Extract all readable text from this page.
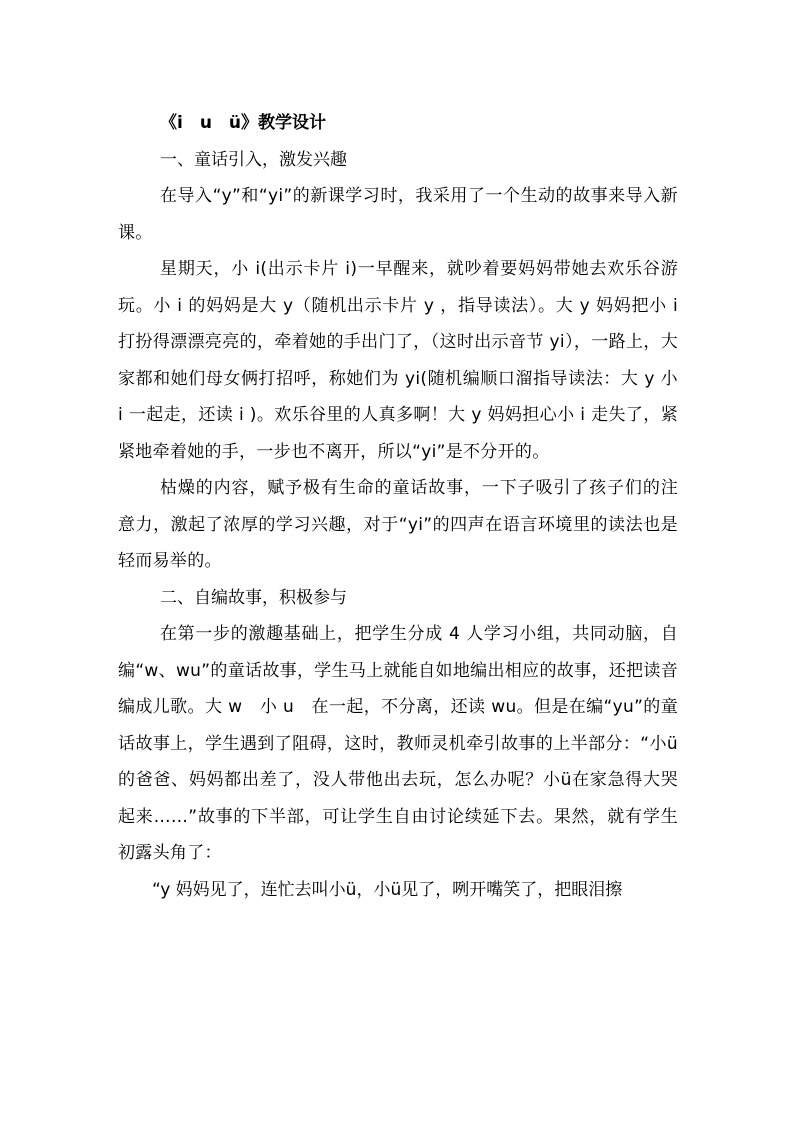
《i　u　ü》教学设计

一、童话引入，激发兴趣

在导入“y”和“yi”的新课学习时，我采用了一个生动的故事来导入新课。

星期天，小 i(出示卡片 i)一早醒来，就吵着要妈妈带她去欢乐谷游玩。小 i 的妈妈是大 y（随机出示卡片 y ，指导读法）。大 y 妈妈把小 i 打扮得漂漂亮亮的，牵着她的手出门了，（这时出示音节 yi），一路上，大家都和她们母女俩打招呼，称她们为 yi(随机编顺口溜指导读法：大 y 小 i 一起走，还读 i )。欢乐谷里的人真多啊！大 y 妈妈担心小 i 走失了，紧紧地牵着她的手，一步也不离开，所以“yi”是不分开的。

枯燥的内容，赋予极有生命的童话故事，一下子吸引了孩子们的注意力，激起了浓厚的学习兴趣，对于“yi”的四声在语言环境里的读法也是轻而易举的。

二、自编故事，积极参与

在第一步的激趣基础上，把学生分成 4 人学习小组，共同动脑，自编“w、wu”的童话故事，学生马上就能自如地编出相应的故事，还把读音编成儿歌。大 w　小 u　在一起，不分离，还读 wu。但是在编“yu”的童话故事上，学生遇到了阻碍，这时，教师灵机牵引故事的上半部分：“小ü的爸爸、妈妈都出差了，没人带他出去玩，怎么办呢？小ü在家急得大哭起来……”故事的下半部，可让学生自由讨论续延下去。果然，就有学生初露头角了：

“y 妈妈见了，连忙去叫小ü，小ü见了，咧开嘴笑了，把眼泪擦
